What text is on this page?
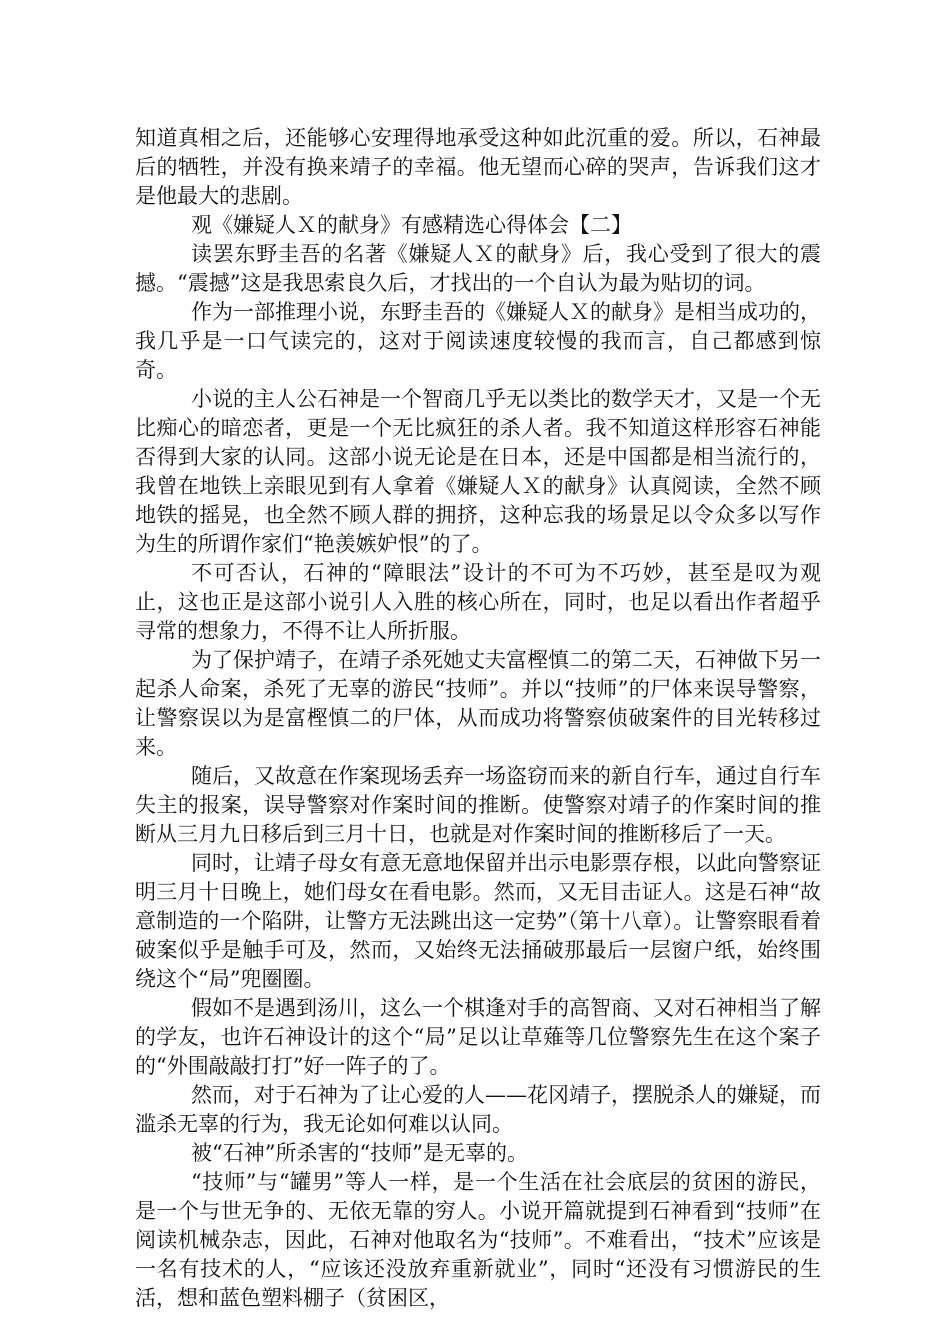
知道真相之后，还能够心安理得地承受这种如此沉重的爱。所以，石神最后的牺牲，并没有换来靖子的幸福。他无望而心碎的哭声，告诉我们这才是他最大的悲剧。

观《嫌疑人Ｘ的献身》有感精选心得体会【二】

读罢东野圭吾的名著《嫌疑人Ｘ的献身》后，我心受到了很大的震撼。“震撼”这是我思索良久后，才找出的一个自认为最为贴切的词。

作为一部推理小说，东野圭吾的《嫌疑人Ｘ的献身》是相当成功的，我几乎是一口气读完的，这对于阅读速度较慢的我而言，自己都感到惊奇。

小说的主人公石神是一个智商几乎无以类比的数学天才，又是一个无比痴心的暗恋者，更是一个无比疯狂的杀人者。我不知道这样形容石神能否得到大家的认同。这部小说无论是在日本，还是中国都是相当流行的，我曾在地铁上亲眼见到有人拿着《嫌疑人Ｘ的献身》认真阅读，全然不顾地铁的摇晃，也全然不顾人群的拥挤，这种忘我的场景足以令众多以写作为生的所谓作家们“艳羡嫉妒恨”的了。

不可否认，石神的“障眼法”设计的不可为不巧妙，甚至是叹为观止，这也正是这部小说引人入胜的核心所在，同时，也足以看出作者超乎寻常的想象力，不得不让人所折服。

为了保护靖子，在靖子杀死她丈夫富樫慎二的第二天，石神做下另一起杀人命案，杀死了无辜的游民“技师”。并以“技师”的尸体来误导警察，让警察误以为是富樫慎二的尸体，从而成功将警察侦破案件的目光转移过来。

随后，又故意在作案现场丢弃一场盗窃而来的新自行车，通过自行车失主的报案，误导警察对作案时间的推断。使警察对靖子的作案时间的推断从三月九日移后到三月十日，也就是对作案时间的推断移后了一天。

同时，让靖子母女有意无意地保留并出示电影票存根，以此向警察证明三月十日晚上，她们母女在看电影。然而，又无目击证人。这是石神“故意制造的一个陷阱，让警方无法跳出这一定势”（第十八章）。让警察眼看着破案似乎是触手可及，然而，又始终无法捅破那最后一层窗户纸，始终围绕这个“局”兜圈圈。

假如不是遇到汤川，这么一个棋逢对手的高智商、又对石神相当了解的学友，也许石神设计的这个“局”足以让草薙等几位警察先生在这个案子的“外围敲敲打打”好一阵子的了。

然而，对于石神为了让心爱的人——花冈靖子，摆脱杀人的嫌疑，而滥杀无辜的行为，我无论如何难以认同。

被“石神”所杀害的“技师”是无辜的。

“技师”与“罐男”等人一样，是一个生活在社会底层的贫困的游民，是一个与世无争的、无依无靠的穷人。小说开篇就提到石神看到“技师”在阅读机械杂志，因此，石神对他取名为“技师”。不难看出，“技术”应该是一名有技术的人，“应该还没放弃重新就业”，同时“还没有习惯游民的生活，想和蓝色塑料棚子（贫困区，
